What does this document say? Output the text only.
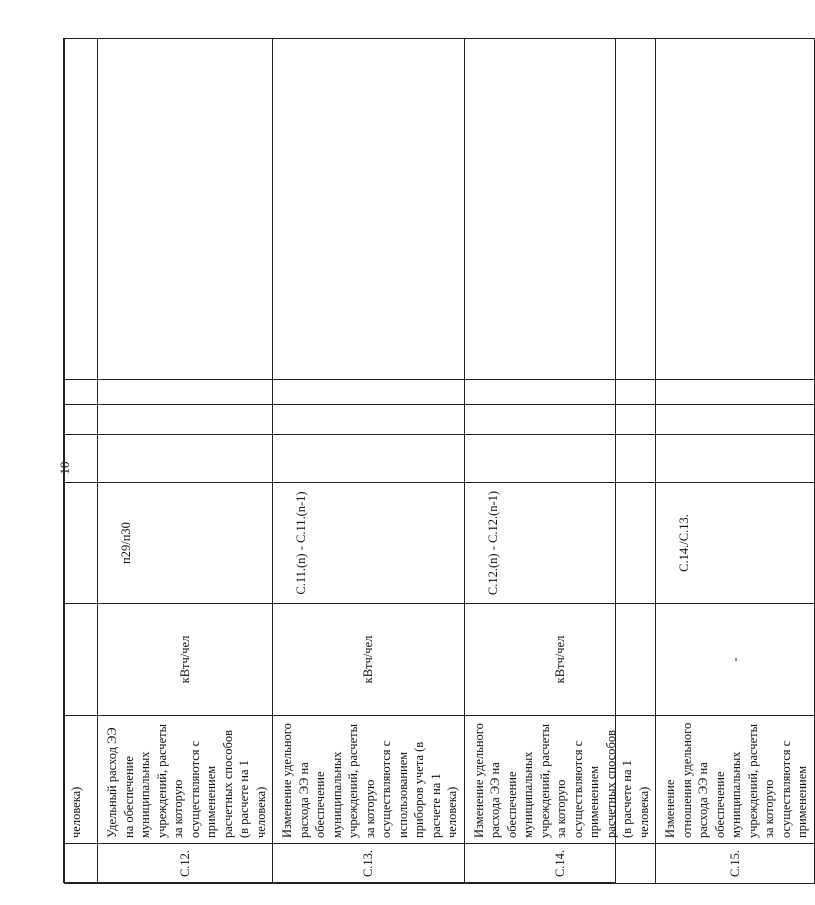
10
	человека)						
С.12.	Удельный расход ЭЭ на обеспечение муниципальных учреждений, расчеты за которую осуществляются с применением расчетных способов (в расчете на 1 человека)	кВтч/чел	п29/п30				
С.13.	Изменение удельного расхода ЭЭ на обеспечение муниципальных учреждений, расчеты за которую осуществляются с использованием приборов учета (в расчете на 1 человека)	кВтч/чел	С.11.(n) - С.11.(n-1)				
С.14.	Изменение удельного расхода ЭЭ на обеспечение муниципальных учреждений, расчеты за которую осуществляются с применением расчетных способов (в расчете на 1 человека)	кВтч/чел	С.12.(n) - С.12.(n-1)				
С.15.	Изменение отношения удельного расхода ЭЭ на обеспечение муниципальных учреждений, расчеты за которую осуществляются с применением	-	С.14./С.13.				
